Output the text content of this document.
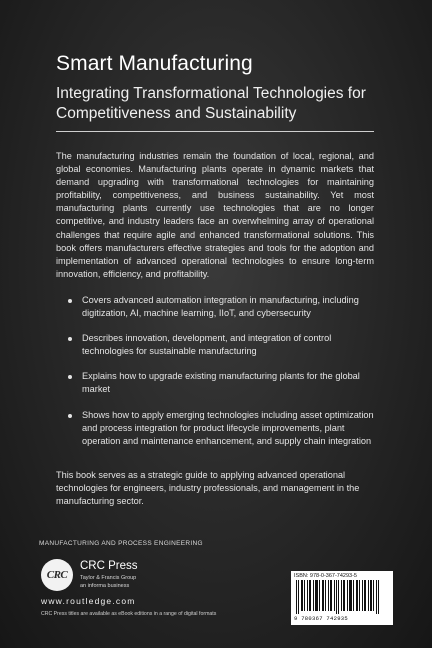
Smart Manufacturing
Integrating Transformational Technologies for Competitiveness and Sustainability

The manufacturing industries remain the foundation of local, regional, and global economies. Manufacturing plants operate in dynamic markets that demand upgrading with transformational technologies for maintaining profitability, competitiveness, and business sustainability. Yet most manufacturing plants currently use technologies that are no longer competitive, and industry leaders face an overwhelming array of operational challenges that require agile and enhanced transformational solutions. This book offers manufacturers effective strategies and tools for the adoption and implementation of advanced operational technologies to ensure long-term innovation, efficiency, and profitability.

Covers advanced automation integration in manufacturing, including digitization, AI, machine learning, IIoT, and cybersecurity
Describes innovation, development, and integration of control technologies for sustainable manufacturing
Explains how to upgrade existing manufacturing plants for the global market
Shows how to apply emerging technologies including asset optimization and process integration for product lifecycle improvements, plant operation and maintenance enhancement, and supply chain integration

This book serves as a strategic guide to applying advanced operational technologies for engineers, industry professionals, and management in the manufacturing sector.

MANUFACTURING AND PROCESS ENGINEERING
CRC
CRC Press
Taylor & Francis Group
an informa business
www.routledge.com
CRC Press titles are available as eBook editions in a range of digital formats
ISBN: 978-0-367-74293-5
9 780367 742935
